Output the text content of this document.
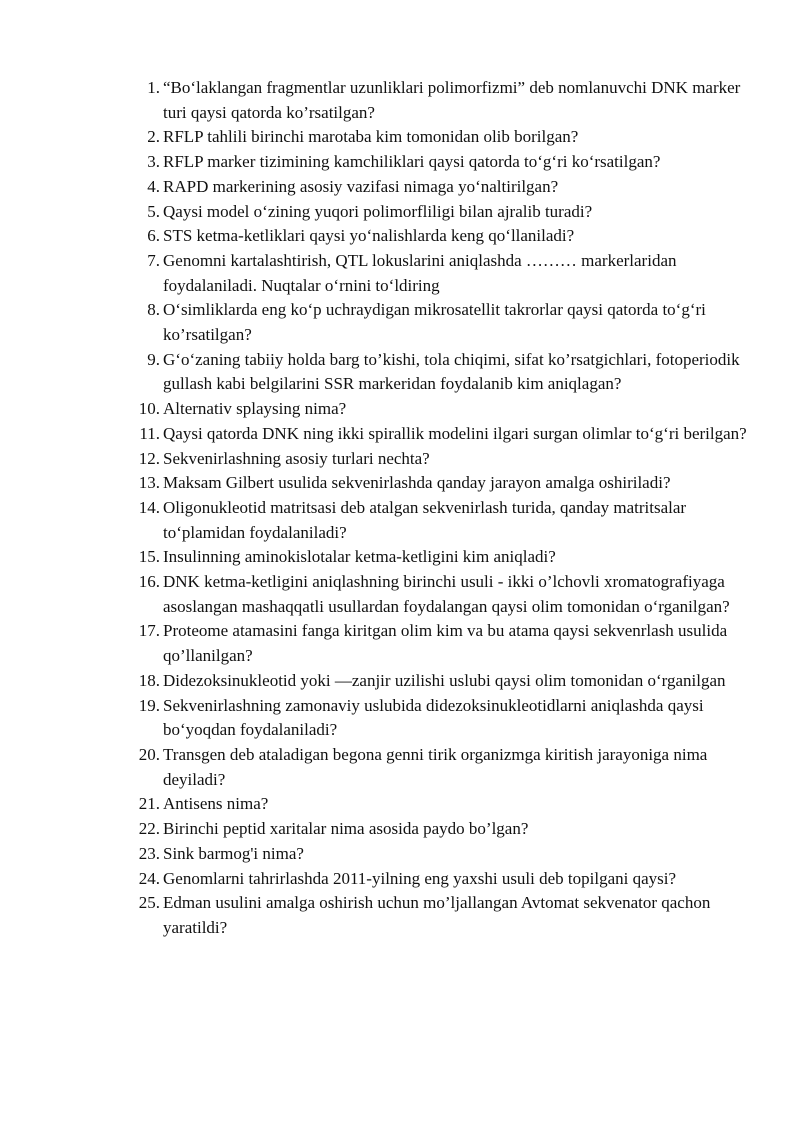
1. “Bo‘laklangan fragmentlar uzunliklari polimorfizmi” deb nomlanuvchi DNK marker turi qaysi qatorda ko’rsatilgan?
2. RFLP tahlili birinchi marotaba kim tomonidan olib borilgan?
3. RFLP marker tizimining kamchiliklari qaysi qatorda to‘g‘ri ko‘rsatilgan?
4. RAPD markerining asosiy vazifasi nimaga yo‘naltirilgan?
5. Qaysi model o‘zining yuqori polimorfliligi bilan ajralib turadi?
6. STS ketma-ketliklari qaysi yo‘nalishlarda keng qo‘llaniladi?
7. Genomni kartalashtirish, QTL lokuslarini aniqlashda ……… markerlaridan foydalaniladi. Nuqtalar o‘rnini to‘ldiring
8. O‘simliklarda eng ko‘p uchraydigan mikrosatellit takrorlar qaysi qatorda to‘g‘ri ko’rsatilgan?
9. G‘o‘zaning tabiiy holda barg to’kishi, tola chiqimi, sifat ko’rsatgichlari, fotoperiodik gullash kabi belgilarini SSR markeridan foydalanib kim aniqlagan?
10. Alternativ splaysing nima?
11. Qaysi qatorda DNK ning ikki spirallik modelini ilgari surgan olimlar to‘g‘ri berilgan?
12. Sekvenirlashning asosiy turlari nechta?
13. Maksam Gilbert usulida sekvenirlashda qanday jarayon amalga oshiriladi?
14. Oligonukleotid matritsasi deb atalgan sekvenirlash turida, qanday matritsalar to‘plamidan foydalaniladi?
15. Insulinning aminokislotalar ketma-ketligini kim aniqladi?
16. DNK ketma-ketligini aniqlashning birinchi usuli - ikki o’lchovli xromatografiyaga asoslangan mashaqqatli usullardan foydalangan qaysi olim tomonidan o‘rganilgan?
17. Proteome atamasini fanga kiritgan olim kim va bu atama qaysi sekvenrlash usulida qo’llanilgan?
18. Didezoksinukleotid yoki ―zanjir uzilishi uslubi qaysi olim tomonidan o‘rganilgan
19. Sekvenirlashning zamonaviy uslubida didezoksinukleotidlarni aniqlashda qaysi bo‘yoqdan foydalaniladi?
20. Transgen deb ataladigan begona genni tirik organizmga kiritish jarayoniga nima deyiladi?
21. Antisens nima?
22. Birinchi peptid xaritalar nima asosida paydo bo’lgan?
23. Sink barmog'i nima?
24. Genomlarni tahrirlashda 2011-yilning eng yaxshi usuli deb topilgani qaysi?
25. Edman usulini amalga oshirish uchun mo’ljallangan Avtomat sekvenator qachon yaratildi?
